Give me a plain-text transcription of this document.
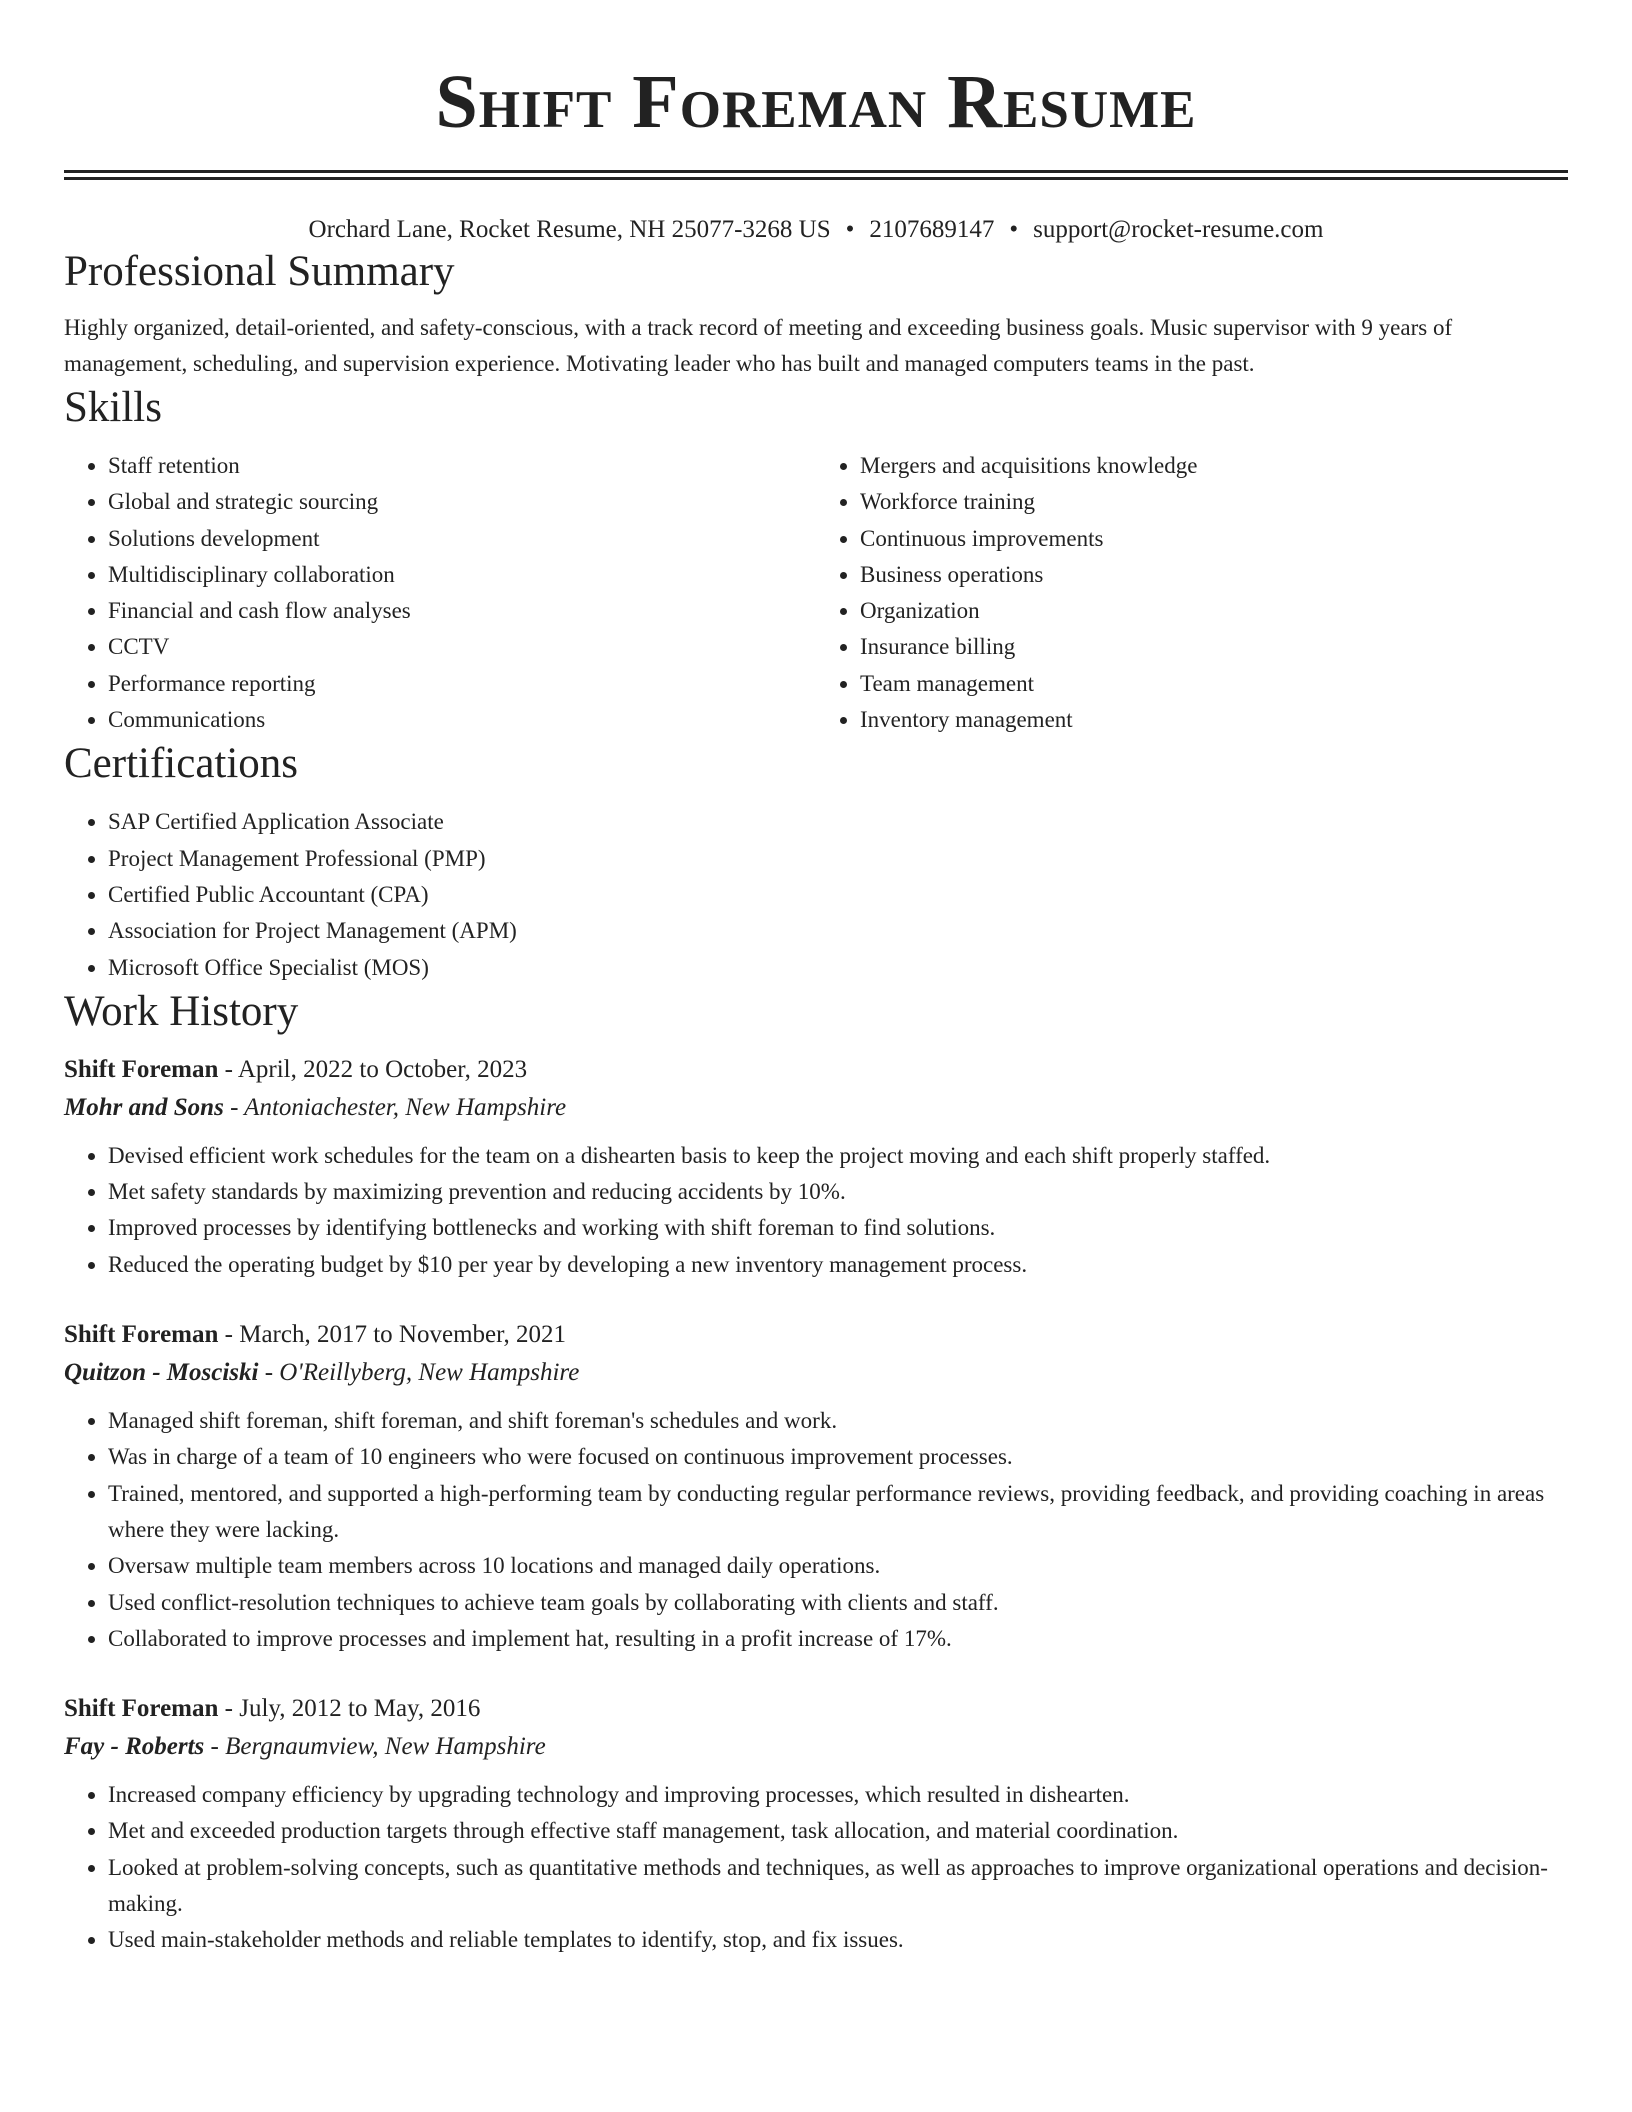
Shift Foreman Resume
Orchard Lane, Rocket Resume, NH 25077-3268 US • 2107689147 • support@rocket-resume.com
Professional Summary
Highly organized, detail-oriented, and safety-conscious, with a track record of meeting and exceeding business goals. Music supervisor with 9 years of management, scheduling, and supervision experience. Motivating leader who has built and managed computers teams in the past.
Skills
• Staff retention
• Global and strategic sourcing
• Solutions development
• Multidisciplinary collaboration
• Financial and cash flow analyses
• CCTV
• Performance reporting
• Communications
• Mergers and acquisitions knowledge
• Workforce training
• Continuous improvements
• Business operations
• Organization
• Insurance billing
• Team management
• Inventory management
Certifications
• SAP Certified Application Associate
• Project Management Professional (PMP)
• Certified Public Accountant (CPA)
• Association for Project Management (APM)
• Microsoft Office Specialist (MOS)
Work History
Shift Foreman - April, 2022 to October, 2023
Mohr and Sons - Antoniachester, New Hampshire
• Devised efficient work schedules for the team on a dishearten basis to keep the project moving and each shift properly staffed.
• Met safety standards by maximizing prevention and reducing accidents by 10%.
• Improved processes by identifying bottlenecks and working with shift foreman to find solutions.
• Reduced the operating budget by $10 per year by developing a new inventory management process.
Shift Foreman - March, 2017 to November, 2021
Quitzon - Mosciski - O'Reillyberg, New Hampshire
• Managed shift foreman, shift foreman, and shift foreman's schedules and work.
• Was in charge of a team of 10 engineers who were focused on continuous improvement processes.
• Trained, mentored, and supported a high-performing team by conducting regular performance reviews, providing feedback, and providing coaching in areas where they were lacking.
• Oversaw multiple team members across 10 locations and managed daily operations.
• Used conflict-resolution techniques to achieve team goals by collaborating with clients and staff.
• Collaborated to improve processes and implement hat, resulting in a profit increase of 17%.
Shift Foreman - July, 2012 to May, 2016
Fay - Roberts - Bergnaumview, New Hampshire
• Increased company efficiency by upgrading technology and improving processes, which resulted in dishearten.
• Met and exceeded production targets through effective staff management, task allocation, and material coordination.
• Looked at problem-solving concepts, such as quantitative methods and techniques, as well as approaches to improve organizational operations and decision-making.
• Used main-stakeholder methods and reliable templates to identify, stop, and fix issues.
